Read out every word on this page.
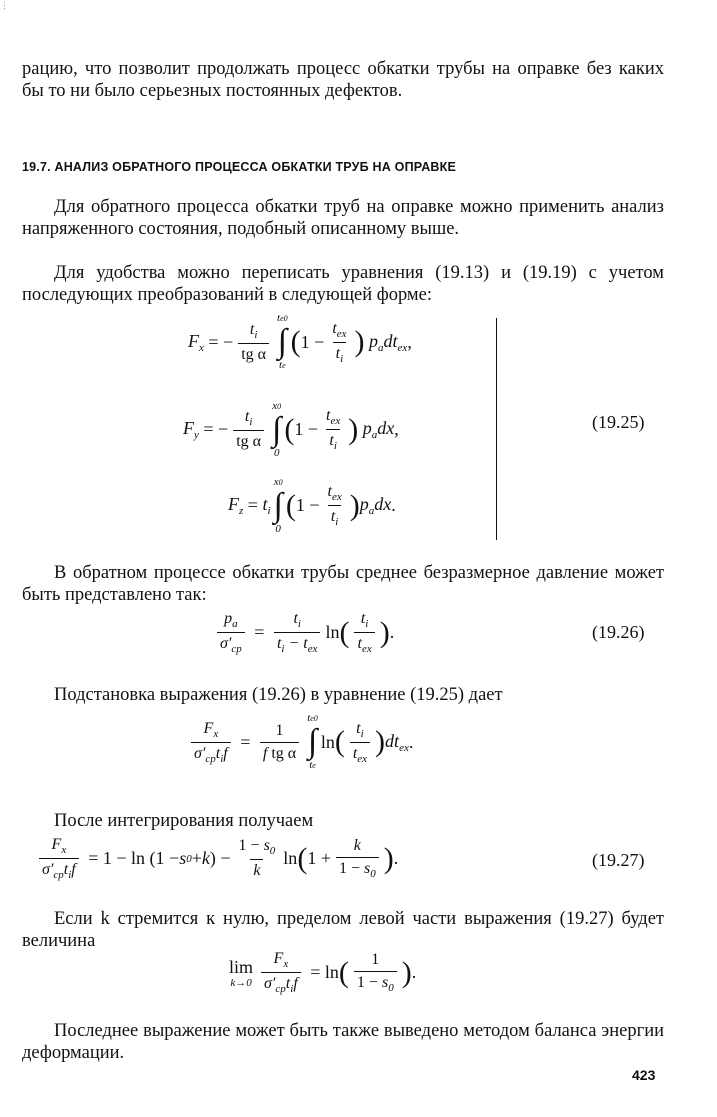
⋮
рацию, что позволит продолжать процесс обкатки трубы на оправке без каких бы то ни было серьезных постоянных дефектов.
19.7. АНАЛИЗ ОБРАТНОГО ПРОЦЕССА ОБКАТКИ ТРУБ НА ОПРАВКЕ
Для обратного процесса обкатки труб на оправке можно применить анализ напряженного состояния, подобный описанному выше.
Для удобства можно переписать уравнения (19.13) и (19.19) с учетом последующих преобразований в следующей форме:
$F_x$ = − $\frac{t_i}{\text{tg α}}$
te0
∫
te
( $1 - \frac{t_{ex}}{t_i}$ ) $p_adt_{ex}$ ,
$F_y$ = − $\frac{t_i}{\text{tg α}}$
x0
∫
0
( $1 - \frac{t_{ex}}{t_i}$ ) $p_adx$ ,
$F_z = t_i$
x0
∫
0
( $1 - \frac{t_{ex}}{t_i}$ ) $p_adx$ .
(19.25)
В обратном процессе обкатки трубы среднее безразмерное давление может быть представлено так:
$\frac{p_a}{\sigma'_{cp}} = \frac{t_i}{t_i - t_{ex}}$ ln ( $\frac{t_i}{t_{ex}}$ ) .	(19.26)
Подстановка выражения (19.26) в уравнение (19.25) дает
$\frac{F_x}{\sigma'_{cp}t_if} = \frac{1}{\text{f tg α}}$
te0
∫
te
ln ( $\frac{t_i}{t_{ex}}$ ) $dt_{ex}$ .
После интегрирования получаем
$\frac{F_x}{\sigma'_{cp}t_if} = 1 - \ln (1 - s$ 0 + k ) − $\frac{1 - s_0}{k}$ ln ( $1 + \frac{k}{1 - s_0}$ ) .	(19.27)
Если k стремится к нулю, пределом левой части выражения (19.27) будет величина
lim
$k\to 0 \frac{F_x}{\sigma'_{cp}t_if} = \ln$ ( $\frac{1}{1 - s_0}$ ) .
Последнее выражение может быть также выведено методом баланса энергии деформации.
423
